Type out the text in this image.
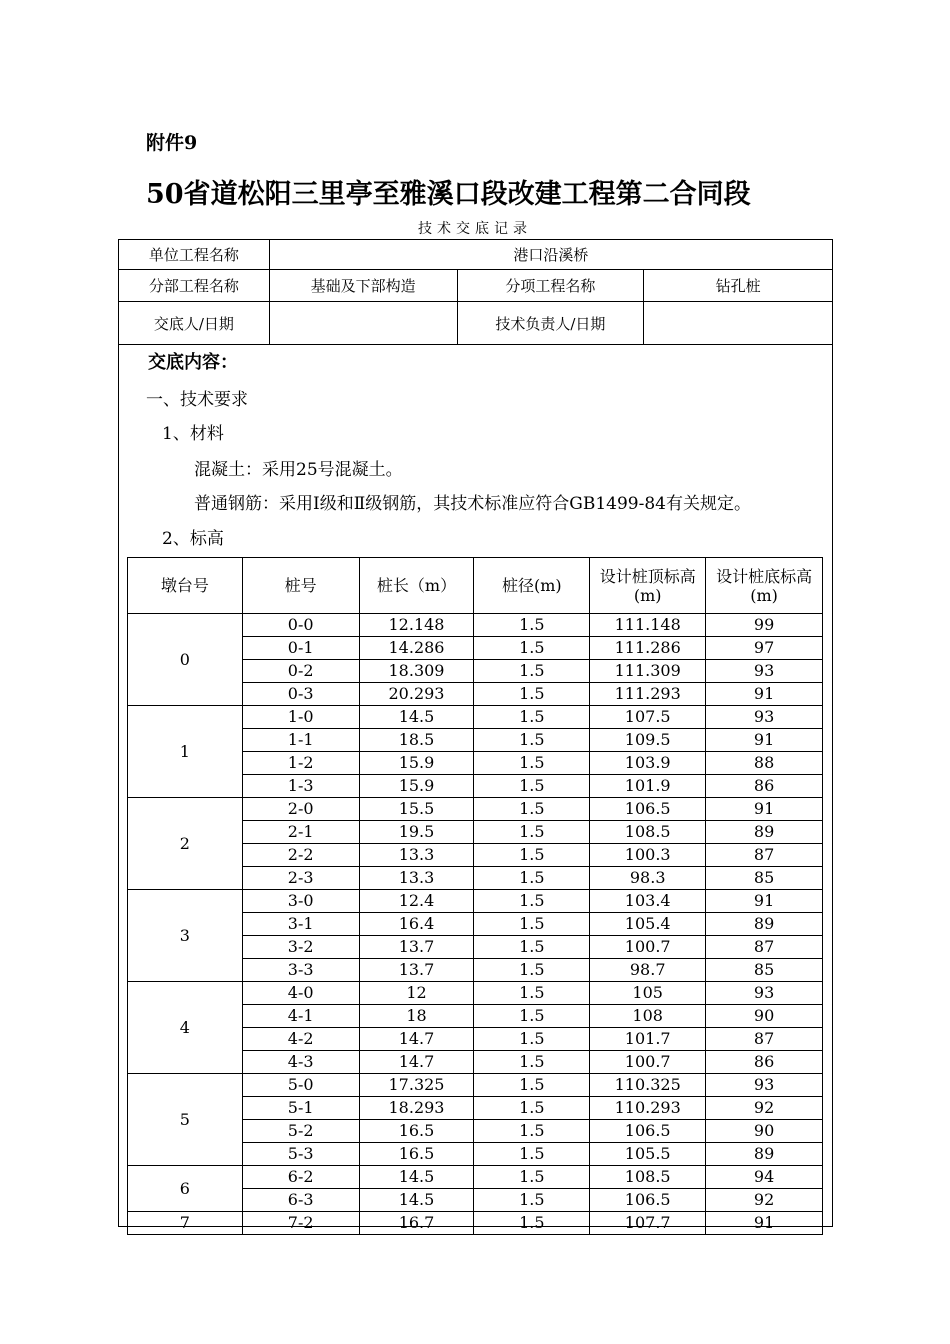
附件9
50省道松阳三里亭至雅溪口段改建工程第二合同段
技术交底记录
单位工程名称	港口沿溪桥		
分部工程名称	基础及下部构造	分项工程名称	钻孔桩
交底人/日期		技术负责人/日期	
交底内容：
一、技术要求
1、材料
混凝土：采用25号混凝土。
普通钢筋：采用Ⅰ级和Ⅱ级钢筋，其技术标准应符合GB1499-84有关规定。
2、标高
墩台号	桩号	桩长（m）	桩径(m)	设计桩顶标高(m)	设计桩底标高(m)
0	0-0	12.148	1.5	111.148	99
	0-1	14.286	1.5	111.286	97
	0-2	18.309	1.5	111.309	93
	0-3	20.293	1.5	111.293	91
1	1-0	14.5	1.5	107.5	93
	1-1	18.5	1.5	109.5	91
	1-2	15.9	1.5	103.9	88
	1-3	15.9	1.5	101.9	86
2	2-0	15.5	1.5	106.5	91
	2-1	19.5	1.5	108.5	89
	2-2	13.3	1.5	100.3	87
	2-3	13.3	1.5	98.3	85
3	3-0	12.4	1.5	103.4	91
	3-1	16.4	1.5	105.4	89
	3-2	13.7	1.5	100.7	87
	3-3	13.7	1.5	98.7	85
4	4-0	12	1.5	105	93
	4-1	18	1.5	108	90
	4-2	14.7	1.5	101.7	87
	4-3	14.7	1.5	100.7	86
5	5-0	17.325	1.5	110.325	93
	5-1	18.293	1.5	110.293	92
	5-2	16.5	1.5	106.5	90
	5-3	16.5	1.5	105.5	89
6	6-2	14.5	1.5	108.5	94
	6-3	14.5	1.5	106.5	92
7	7-2	16.7	1.5	107.7	91
